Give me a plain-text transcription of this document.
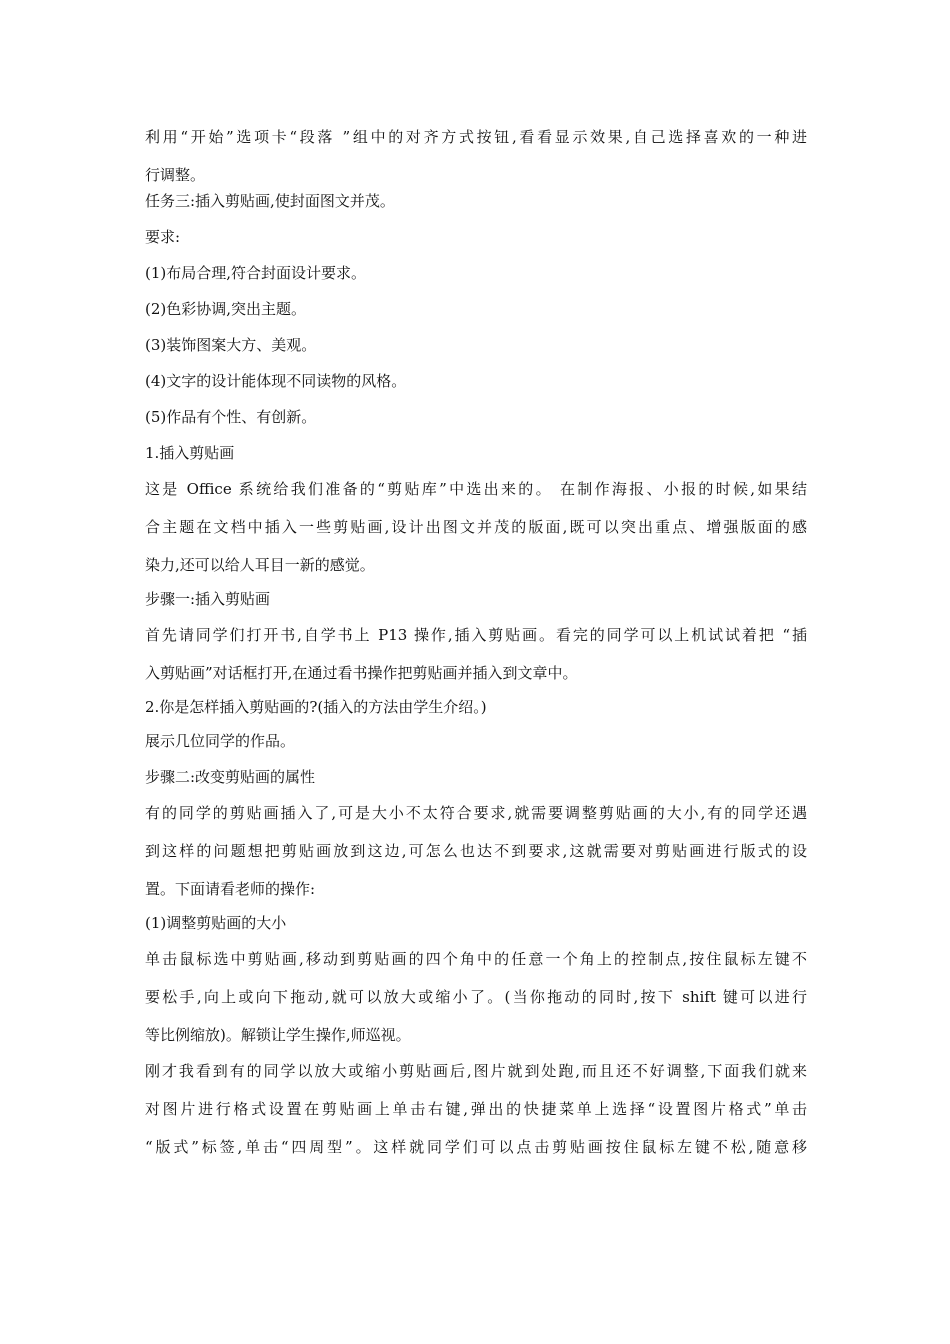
利用“开始”选项卡“段落 ”组中的对齐方式按钮,看看显示效果,自己选择喜欢的一种进

行调整。

任务三:插入剪贴画,使封面图文并茂。

要求:

(1)布局合理,符合封面设计要求。

(2)色彩协调,突出主题。

(3)装饰图案大方、美观。

(4)文字的设计能体现不同读物的风格。

(5)作品有个性、有创新。

1.插入剪贴画

这是 Office 系统给我们准备的“剪贴库”中选出来的。 在制作海报、小报的时候,如果结

合主题在文档中插入一些剪贴画,设计出图文并茂的版面,既可以突出重点、增强版面的感

染力,还可以给人耳目一新的感觉。

步骤一:插入剪贴画

首先请同学们打开书,自学书上 P13 操作,插入剪贴画。看完的同学可以上机试试着把 “插

入剪贴画”对话框打开,在通过看书操作把剪贴画并插入到文章中。

2.你是怎样插入剪贴画的?(插入的方法由学生介绍。)

展示几位同学的作品。

步骤二:改变剪贴画的属性

有的同学的剪贴画插入了,可是大小不太符合要求,就需要调整剪贴画的大小,有的同学还遇

到这样的问题想把剪贴画放到这边,可怎么也达不到要求,这就需要对剪贴画进行版式的设

置。下面请看老师的操作:

(1)调整剪贴画的大小

单击鼠标选中剪贴画,移动到剪贴画的四个角中的任意一个角上的控制点,按住鼠标左键不

要松手,向上或向下拖动,就可以放大或缩小了。(当你拖动的同时,按下 shift 键可以进行

等比例缩放)。解锁让学生操作,师巡视。

刚才我看到有的同学以放大或缩小剪贴画后,图片就到处跑,而且还不好调整,下面我们就来

对图片进行格式设置在剪贴画上单击右键,弹出的快捷菜单上选择“设置图片格式”单击

“版式”标签,单击“四周型”。这样就同学们可以点击剪贴画按住鼠标左键不松,随意移
